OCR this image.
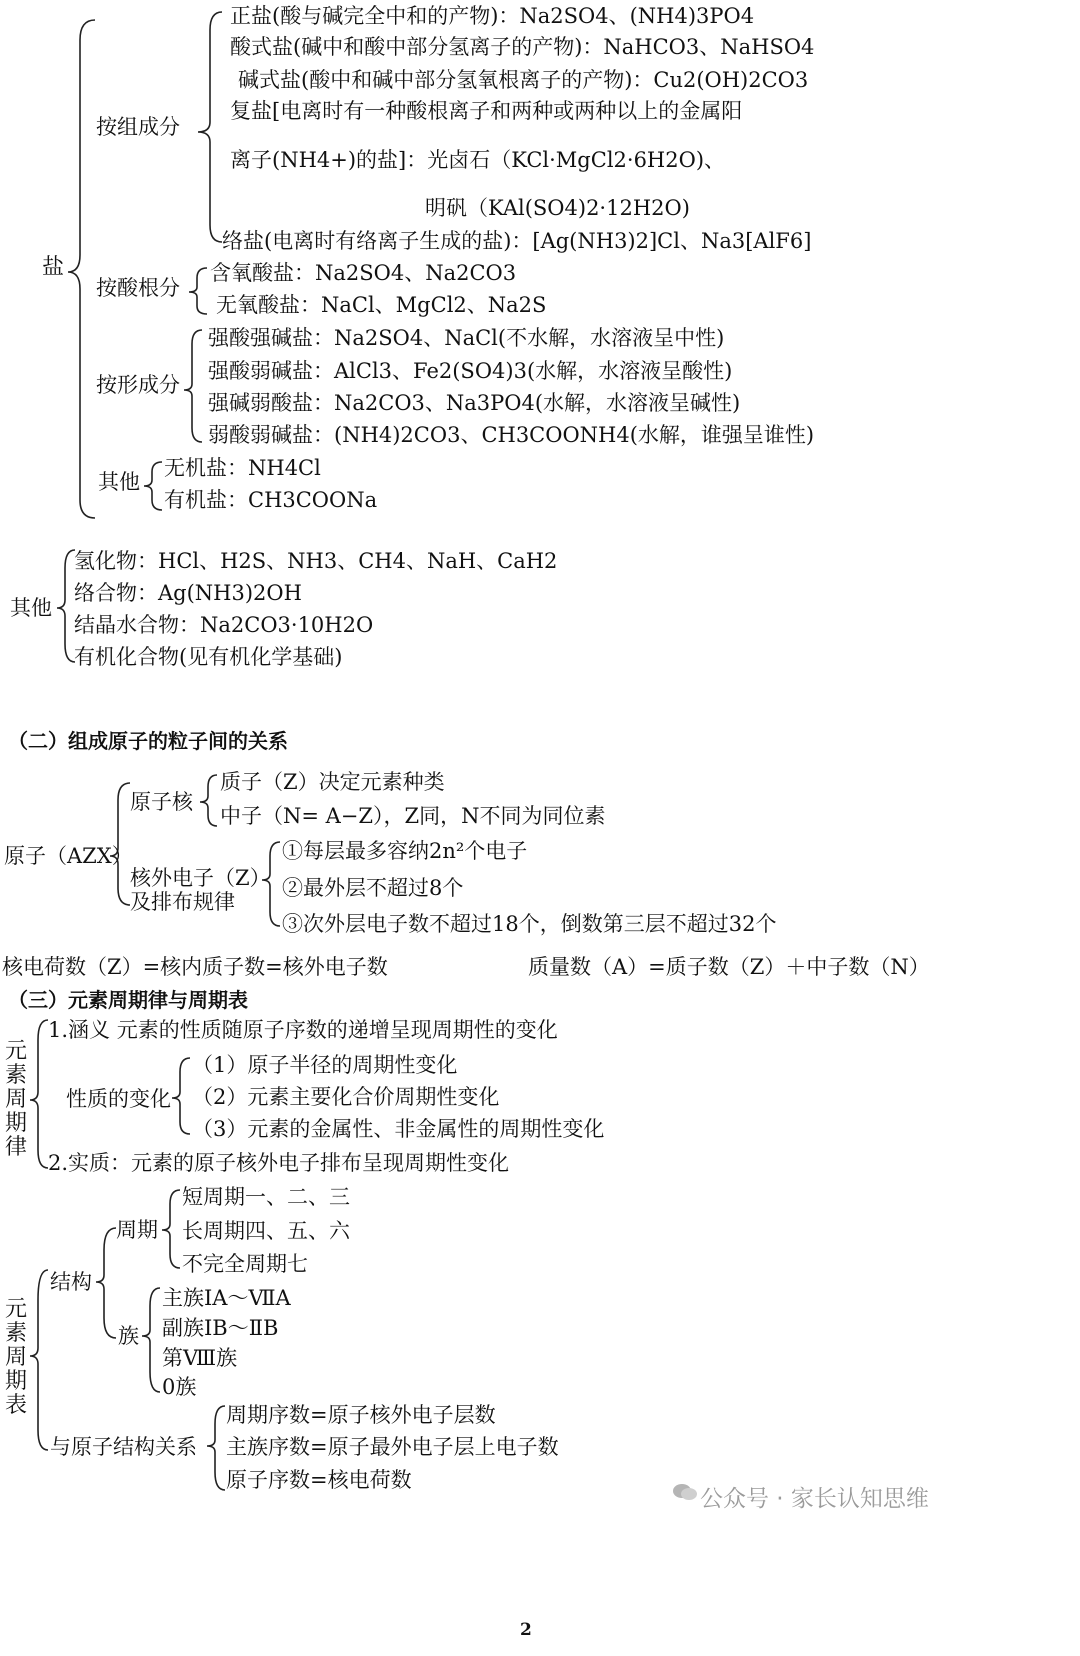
盐
按组成分
正盐(酸与碱完全中和的产物)：Na2SO4、(NH4)3PO4
酸式盐(碱中和酸中部分氢离子的产物)：NaHCO3、NaHSO4
碱式盐(酸中和碱中部分氢氧根离子的产物)：Cu2(OH)2CO3
复盐[电离时有一种酸根离子和两种或两种以上的金属阳
离子(NH4+)的盐]：光卤石（KCl·MgCl2·6H2O)、
明矾（KAl(SO4)2·12H2O)
络盐(电离时有络离子生成的盐)：[Ag(NH3)2]Cl、Na3[AlF6]
按酸根分
含氧酸盐：Na2SO4、Na2CO3
无氧酸盐：NaCl、MgCl2、Na2S
按形成分
强酸强碱盐：Na2SO4、NaCl(不水解，水溶液呈中性)
强酸弱碱盐：AlCl3、Fe2(SO4)3(水解，水溶液呈酸性)
强碱弱酸盐：Na2CO3、Na3PO4(水解，水溶液呈碱性)
弱酸弱碱盐：(NH4)2CO3、CH3COONH4(水解，谁强呈谁性)
其他
无机盐：NH4Cl
有机盐：CH3COONa
其他
氢化物：HCl、H2S、NH3、CH4、NaH、CaH2
络合物：Ag(NH3)2OH
结晶水合物：Na2CO3·10H2O
有机化合物(见有机化学基础)
（二）组成原子的粒子间的关系
原子（AZX）
原子核
质子（Z）决定元素种类
中子（N= A−Z），Z同，N不同为同位素
核外电子（Z）
及排布规律
①每层最多容纳2n²个电子
②最外层不超过8个
③次外层电子数不超过18个，倒数第三层不超过32个
核电荷数（Z）=核内质子数=核外电子数	质量数（A）=质子数（Z）＋中子数（N）
（三）元素周期律与周期表
元素周期律
1.涵义 元素的性质随原子序数的递增呈现周期性的变化
性质的变化
（1）原子半径的周期性变化
（2）元素主要化合价周期性变化
（3）元素的金属性、非金属性的周期性变化
2.实质：元素的原子核外电子排布呈现周期性变化
元素周期表
结构
周期
短周期一、二、三
长周期四、五、六
不完全周期七
族
主族ⅠA～ⅦA
副族ⅠB～ⅡB
第Ⅷ族
0族
与原子结构关系
周期序数=原子核外电子层数
主族序数=原子最外电子层上电子数
原子序数=核电荷数
公众号 · 家长认知思维
2
